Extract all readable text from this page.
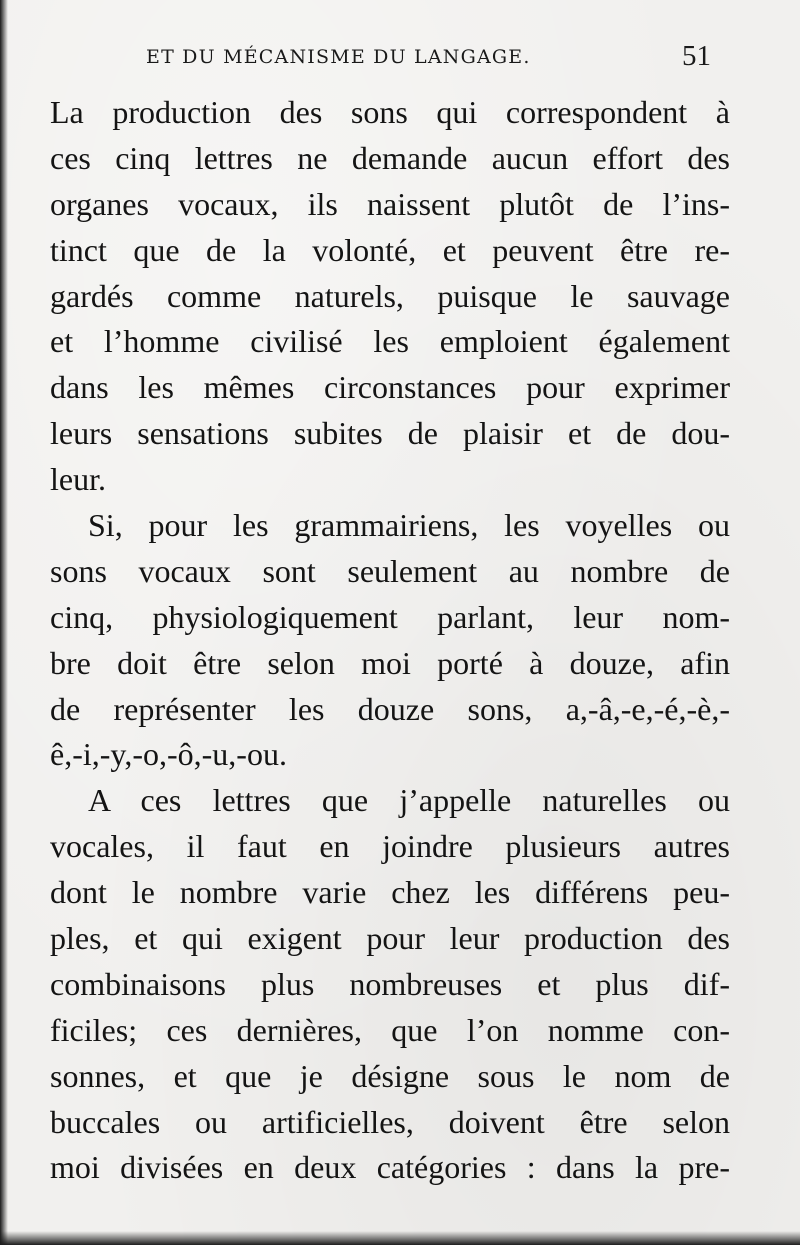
ET DU MÉCANISME DU LANGAGE.	51
La production des sons qui correspondent à
ces cinq lettres ne demande aucun effort des
organes vocaux, ils naissent plutôt de l’ins-
tinct que de la volonté, et peuvent être re-
gardés comme naturels, puisque le sauvage
et l’homme civilisé les emploient également
dans les mêmes circonstances pour exprimer
leurs sensations subites de plaisir et de dou-
leur.
Si, pour les grammairiens, les voyelles ou
sons vocaux sont seulement au nombre de
cinq, physiologiquement parlant, leur nom-
bre doit être selon moi porté à douze, afin
de représenter les douze sons, a,-â,-e,-é,-è,-
ê,-i,-y,-o,-ô,-u,-ou.
A ces lettres que j’appelle naturelles ou
vocales, il faut en joindre plusieurs autres
dont le nombre varie chez les différens peu-
ples, et qui exigent pour leur production des
combinaisons plus nombreuses et plus dif-
ficiles; ces dernières, que l’on nomme con-
sonnes, et que je désigne sous le nom de
buccales ou artificielles, doivent être selon
moi divisées en deux catégories : dans la pre-
